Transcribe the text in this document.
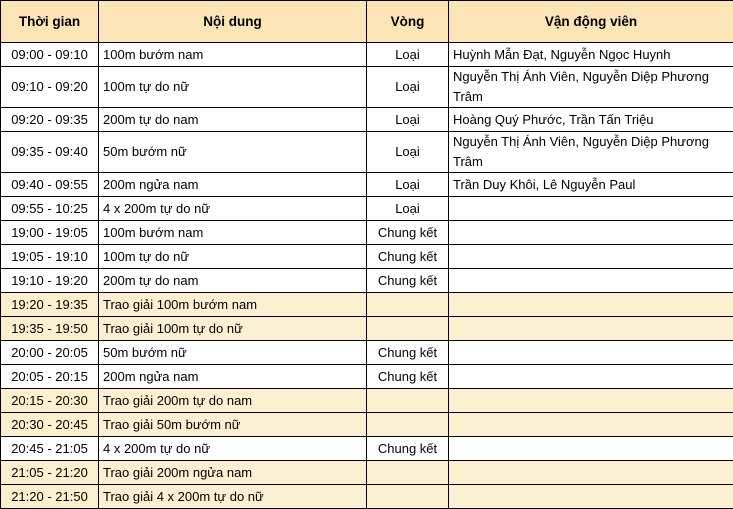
Thời gian	Nội dung	Vòng	Vận động viên
09:00 - 09:10	100m bướm nam	Loại	Huỳnh Mẫn Đạt, Nguyễn Ngọc Huynh
09:10 - 09:20	100m tự do nữ	Loại	Nguyễn Thị Ánh Viên, Nguyễn Diệp Phương Trâm
09:20 - 09:35	200m tự do nam	Loại	Hoàng Quý Phước, Trần Tấn Triệu
09:35 - 09:40	50m bướm nữ	Loại	Nguyễn Thị Ánh Viên, Nguyễn Diệp Phương Trâm
09:40 - 09:55	200m ngửa nam	Loại	Trần Duy Khôi, Lê Nguyễn Paul
09:55 - 10:25	4 x 200m tự do nữ	Loại	
19:00 - 19:05	100m bướm nam	Chung kết	
19:05 - 19:10	100m tự do nữ	Chung kết	
19:10 - 19:20	200m tự do nam	Chung kết	
19:20 - 19:35	Trao giải 100m bướm nam		
19:35 - 19:50	Trao giải 100m tự do nữ		
20:00 - 20:05	50m bướm nữ	Chung kết	
20:05 - 20:15	200m ngửa nam	Chung kết	
20:15 - 20:30	Trao giải 200m tự do nam		
20:30 - 20:45	Trao giải 50m bướm nữ		
20:45 - 21:05	4 x 200m tự do nữ	Chung kết	
21:05 - 21:20	Trao giải 200m ngửa nam		
21:20 - 21:50	Trao giải 4 x 200m tự do nữ		
